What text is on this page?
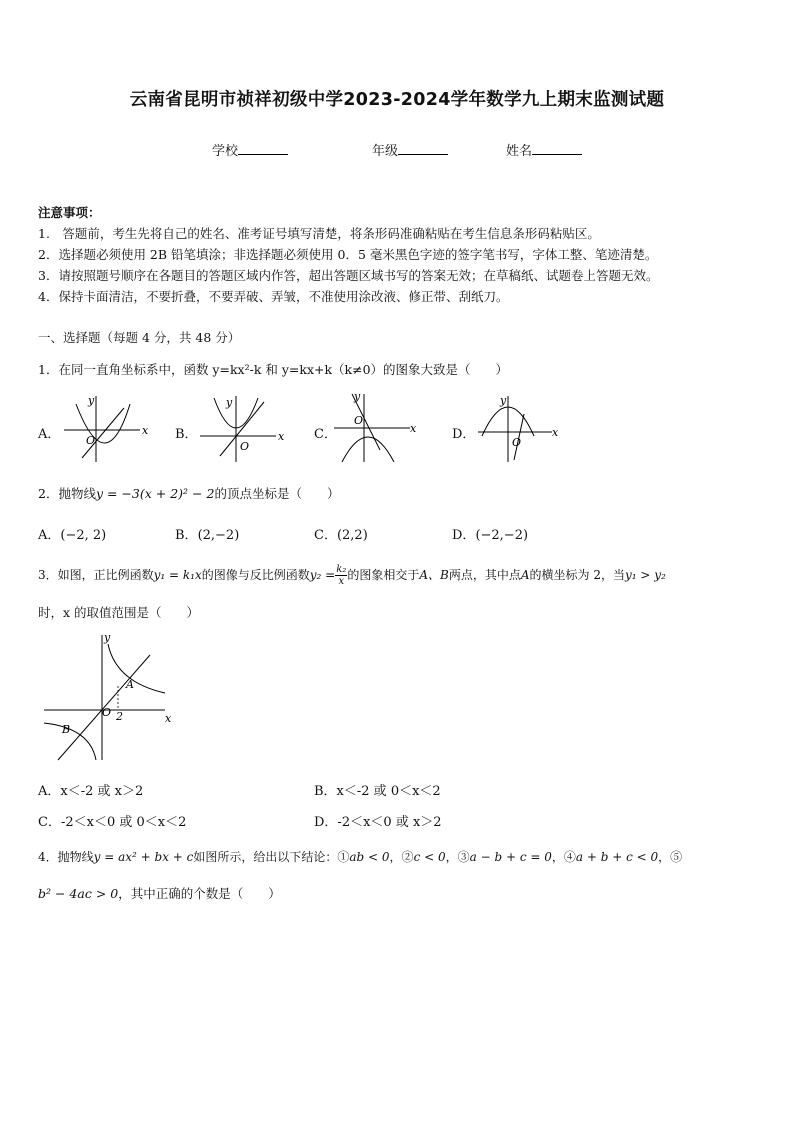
云南省昆明市祯祥初级中学2023-2024学年数学九上期末监测试题
学校	年级	姓名
注意事项：
1.　答题前，考生先将自己的姓名、准考证号填写清楚，将条形码准确粘贴在考生信息条形码粘贴区。
2．选择题必须使用 2B 铅笔填涂；非选择题必须使用 0．5 毫米黑色字迹的签字笔书写，字体工整、笔迹清楚。
3．请按照题号顺序在各题目的答题区域内作答，超出答题区域书写的答案无效；在草稿纸、试题卷上答题无效。
4．保持卡面清洁，不要折叠，不要弄破、弄皱，不准使用涂改液、修正带、刮纸刀。
一、选择题（每题 4 分，共 48 分）
1．在同一直角坐标系中，函数 y=kx²-k 和 y=kx+k（k≠0）的图象大致是（　　）
A．	B．	C．	D．
y
x
O
y
x
O
y
x
O
y
x
O
2．抛物线y = −3(x + 2)² − 2的顶点坐标是（　　）
A．(−2, 2)	B．(2,−2)	C．(2,2)	D．(−2,−2)
3．如图，正比例函数y₁ = k₁x的图像与反比例函数$y_2 = \frac{\text{k₂}}{x}$ 的图象相交于A、B两点，其中点A的横坐标为 2，当y₁ > y₂
时，x 的取值范围是（　　）
y
x
O
A
B
2
A．x＜-2 或 x＞2	B．x＜-2 或 0＜x＜2
C．-2＜x＜0 或 0＜x＜2	D．-2＜x＜0 或 x＞2
4．抛物线y = ax² + bx + c如图所示，给出以下结论：①ab < 0，②c < 0，③a − b + c = 0，④a + b + c < 0，⑤
b² − 4ac > 0，其中正确的个数是（　　）
